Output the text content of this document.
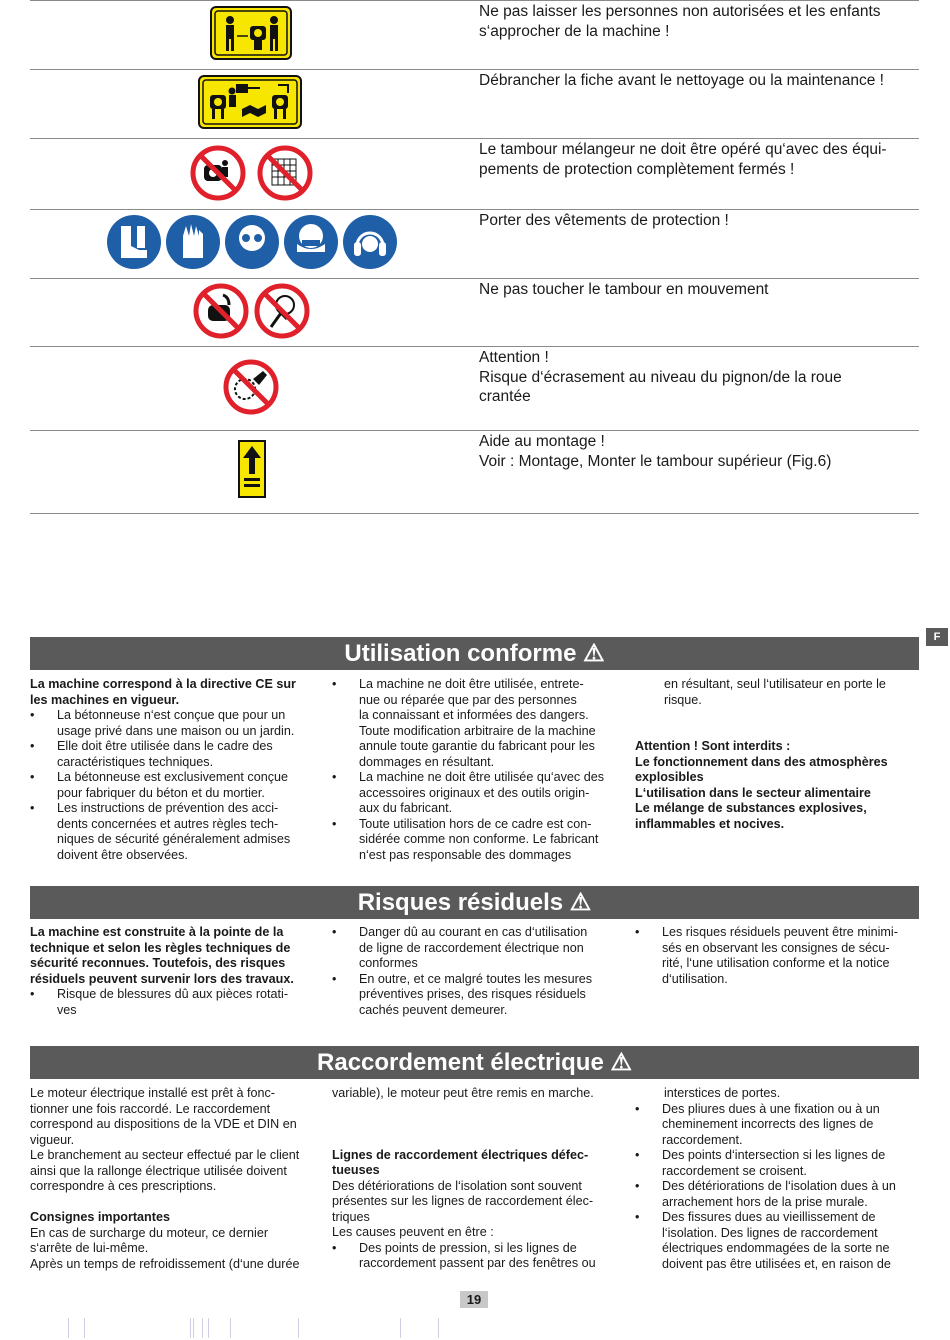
Ne pas laisser les personnes non autorisées et les enfants
s‘approcher de la machine !
Débrancher la fiche avant le nettoyage ou la maintenance !
Le tambour mélangeur ne doit être opéré qu‘avec des équi-
pements de protection complètement fermés !
Porter des vêtements de protection !
Ne pas toucher le tambour en mouvement
Attention !
Risque d‘écrasement au niveau du pignon/de la roue
crantée
Aide au montage !
Voir : Montage, Monter le tambour supérieur (Fig.6)
F
Utilisation conforme ⚠

La machine correspond à la directive CE sur

les machines en vigueur.

•	La bétonneuse n‘est conçue que pour un

usage privé dans une maison ou un jardin.

•	Elle doit être utilisée dans le cadre des

caractéristiques techniques.

•	La bétonneuse est exclusivement conçue

pour fabriquer du béton et du mortier.

•	Les instructions de prévention des acci-

dents concernées et autres règles tech-

niques de sécurité généralement admises

doivent être observées.

•	La machine ne doit être utilisée, entrete-

nue ou réparée que par des personnes

la connaissant et informées des dangers.

Toute modification arbitraire de la machine

annule toute garantie du fabricant pour les

dommages en résultant.

•	La machine ne doit être utilisée qu‘avec des

accessoires originaux et des outils origin-

aux du fabricant.

•	Toute utilisation hors de ce cadre est con-

sidérée comme non conforme. Le fabricant

n‘est pas responsable des dommages

en résultant, seul l‘utilisateur en porte le

risque.

Attention ! Sont interdits :

Le fonctionnement dans des atmosphères

explosibles

L‘utilisation dans le secteur alimentaire

Le mélange de substances explosives,

inflammables et nocives.

Risques résiduels ⚠

La machine est construite à la pointe de la

technique et selon les règles techniques de

sécurité reconnues. Toutefois, des risques

résiduels peuvent survenir lors des travaux.

•	Risque de blessures dû aux pièces rotati-

ves

•	Danger dû au courant en cas d‘utilisation

de ligne de raccordement électrique non

conformes

•	En outre, et ce malgré toutes les mesures

préventives prises, des risques résiduels

cachés peuvent demeurer.

•	Les risques résiduels peuvent être minimi-

sés en observant les consignes de sécu-

rité, l‘une utilisation conforme et la notice

d‘utilisation.

Raccordement électrique ⚠

Le moteur électrique installé est prêt à fonc-

tionner une fois raccordé. Le raccordement

correspond au dispositions de la VDE et DIN en

vigueur.

Le branchement au secteur effectué par le client

ainsi que la rallonge électrique utilisée doivent

correspondre à ces prescriptions.

Consignes importantes

En cas de surcharge du moteur, ce dernier

s‘arrête de lui-même.

Après un temps de refroidissement (d‘une durée

variable), le moteur peut être remis en marche.

Lignes de raccordement électriques défec-

tueuses

Des détériorations de l‘isolation sont souvent

présentes sur les lignes de raccordement élec-

triques

Les causes peuvent en être :

•	Des points de pression, si les lignes de

raccordement passent par des fenêtres ou

interstices de portes.

•	Des pliures dues à une fixation ou à un

cheminement incorrects des lignes de

raccordement.

•	Des points d‘intersection si les lignes de

raccordement se croisent.

•	Des détériorations de l‘isolation dues à un

arrachement hors de la prise murale.

•	Des fissures dues au vieillissement de

l‘isolation. Des lignes de raccordement

électriques endommagées de la sorte ne

doivent pas être utilisées et, en raison de

19
